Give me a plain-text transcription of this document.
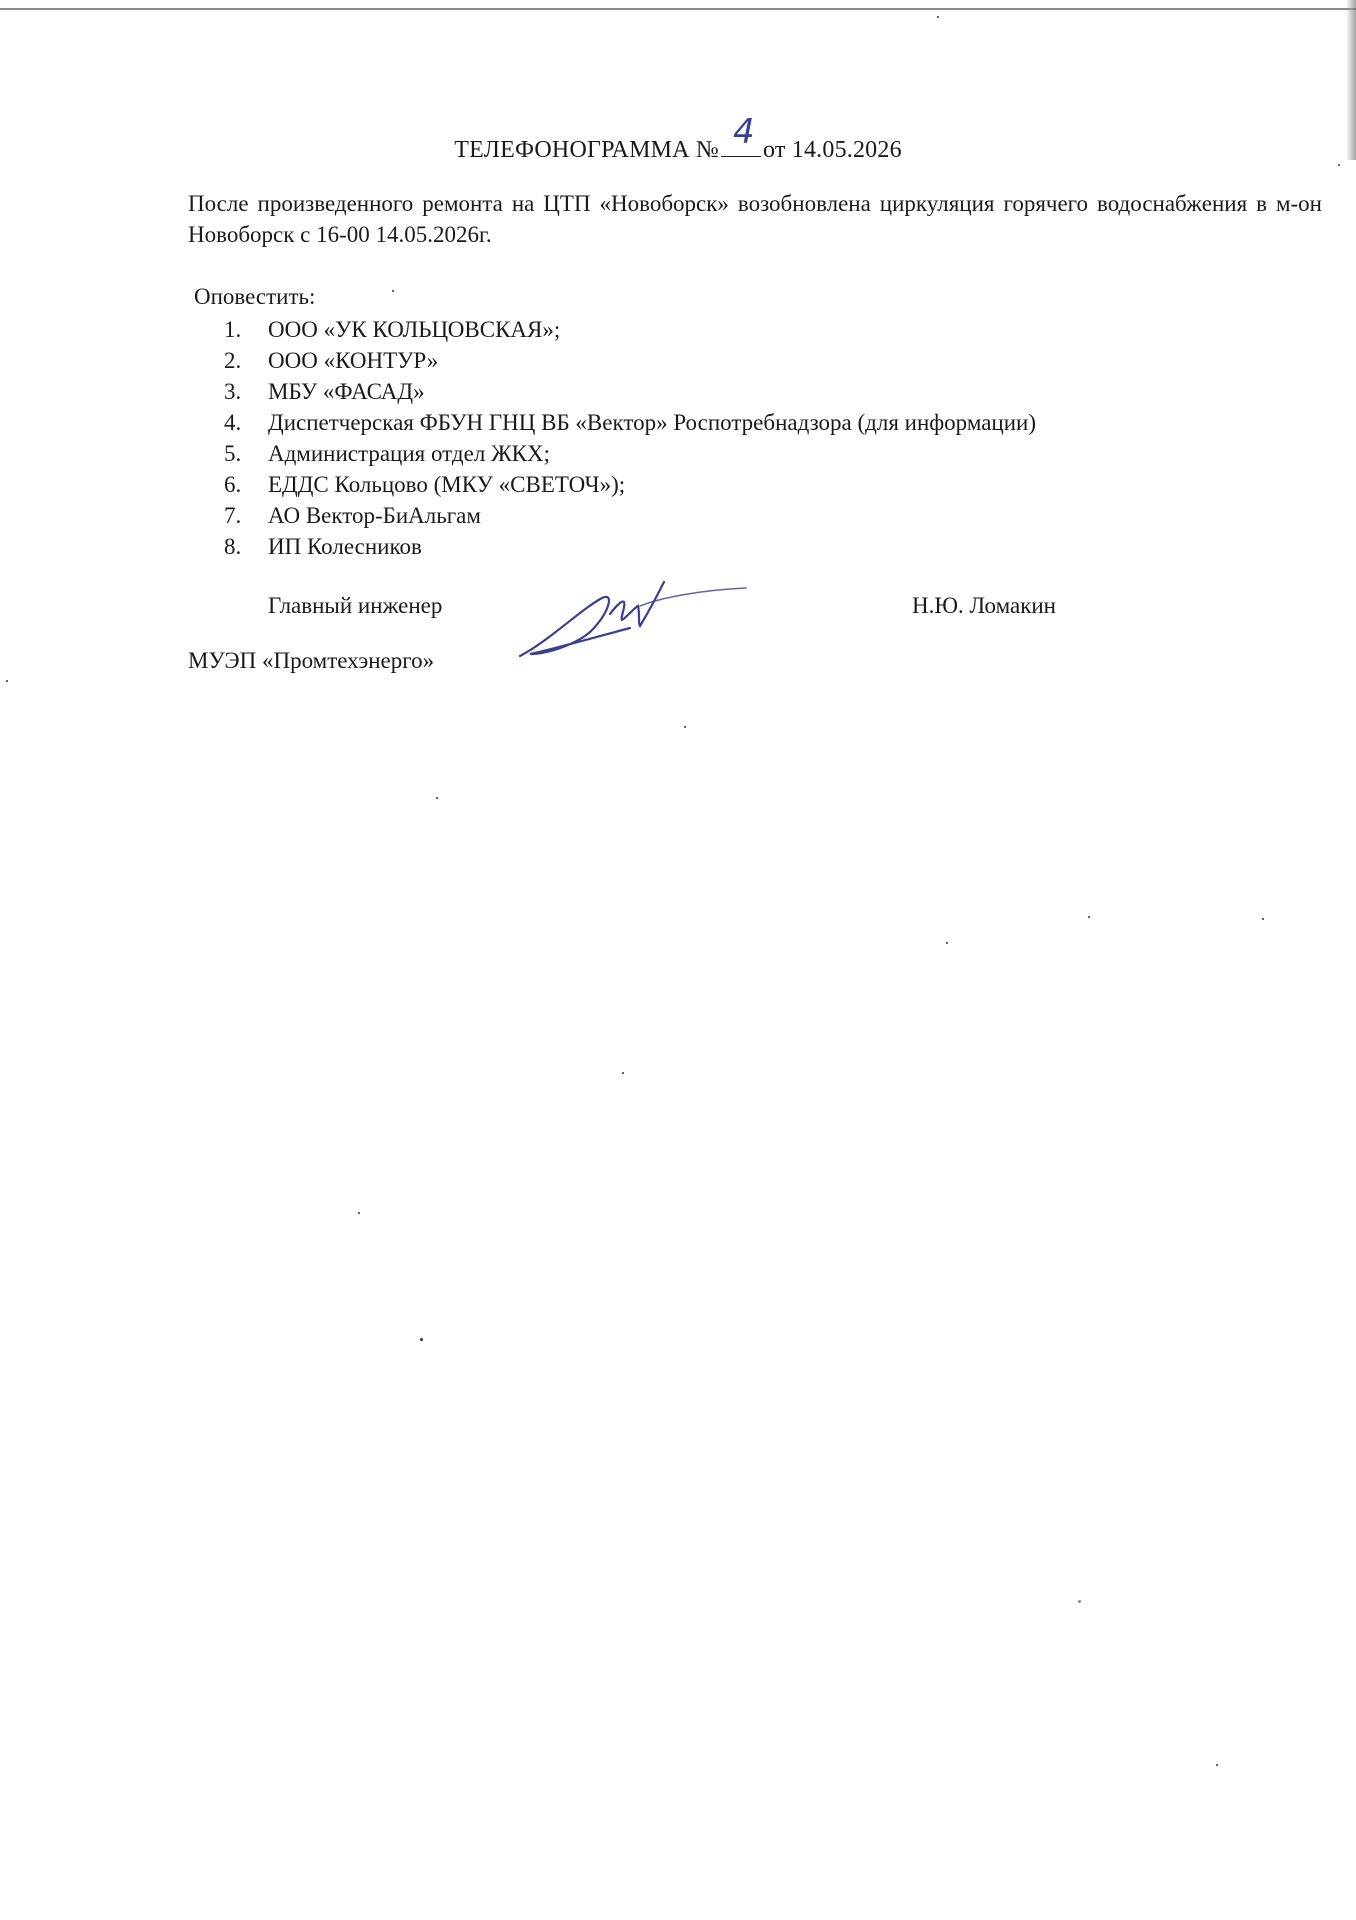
ТЕЛЕФОНОГРАММА № 4 от 14.05.2026
После произведенного ремонта на ЦТП «Новоборск» возобновлена циркуляция горячего водоснабжения в м-он Новоборск с 16-00 14.05.2026г.
Оповестить:
1.	ООО «УК КОЛЬЦОВСКАЯ»;
2.	ООО «КОНТУР»
3.	МБУ «ФАСАД»
4.	Диспетчерская ФБУН ГНЦ ВБ «Вектор» Роспотребнадзора (для информации)
5.	Администрация отдел ЖКХ;
6.	ЕДДС Кольцово (МКУ «СВЕТОЧ»);
7.	АО Вектор-БиАльгам
8.	ИП Колесников
Главный инженер
МУЭП «Промтехэнерго»
Н.Ю. Ломакин
